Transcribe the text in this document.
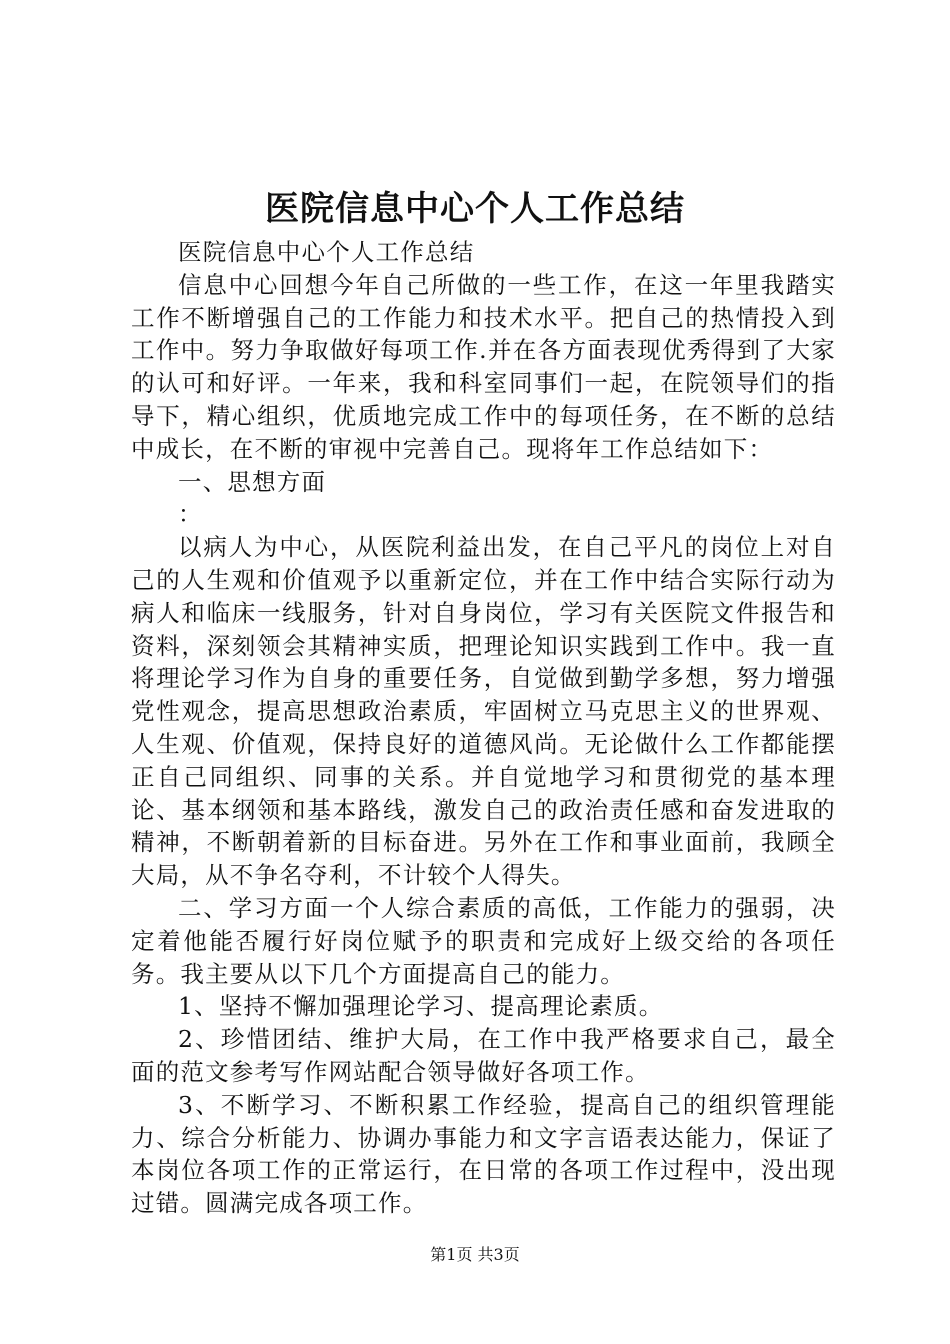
医院信息中心个人工作总结

医院信息中心个人工作总结

信息中心回想今年自己所做的一些工作，在这一年里我踏实工作不断增强自己的工作能力和技术水平。把自己的热情投入到工作中。努力争取做好每项工作.并在各方面表现优秀得到了大家的认可和好评。一年来，我和科室同事们一起，在院领导们的指导下，精心组织，优质地完成工作中的每项任务，在不断的总结中成长，在不断的审视中完善自己。现将年工作总结如下：

一、思想方面

：

以病人为中心，从医院利益出发，在自己平凡的岗位上对自己的人生观和价值观予以重新定位，并在工作中结合实际行动为病人和临床一线服务，针对自身岗位，学习有关医院文件报告和资料，深刻领会其精神实质，把理论知识实践到工作中。我一直将理论学习作为自身的重要任务，自觉做到勤学多想，努力增强党性观念，提高思想政治素质，牢固树立马克思主义的世界观、人生观、价值观，保持良好的道德风尚。无论做什么工作都能摆正自己同组织、同事的关系。并自觉地学习和贯彻党的基本理论、基本纲领和基本路线，激发自己的政治责任感和奋发进取的精神，不断朝着新的目标奋进。另外在工作和事业面前，我顾全大局，从不争名夺利，不计较个人得失。

二、学习方面一个人综合素质的高低，工作能力的强弱，决定着他能否履行好岗位赋予的职责和完成好上级交给的各项任务。我主要从以下几个方面提高自己的能力。

1、坚持不懈加强理论学习、提高理论素质。

2、珍惜团结、维护大局，在工作中我严格要求自己，最全面的范文参考写作网站配合领导做好各项工作。

3、不断学习、不断积累工作经验，提高自己的组织管理能力、综合分析能力、协调办事能力和文字言语表达能力，保证了本岗位各项工作的正常运行，在日常的各项工作过程中，没出现过错。圆满完成各项工作。

第1页 共3页
